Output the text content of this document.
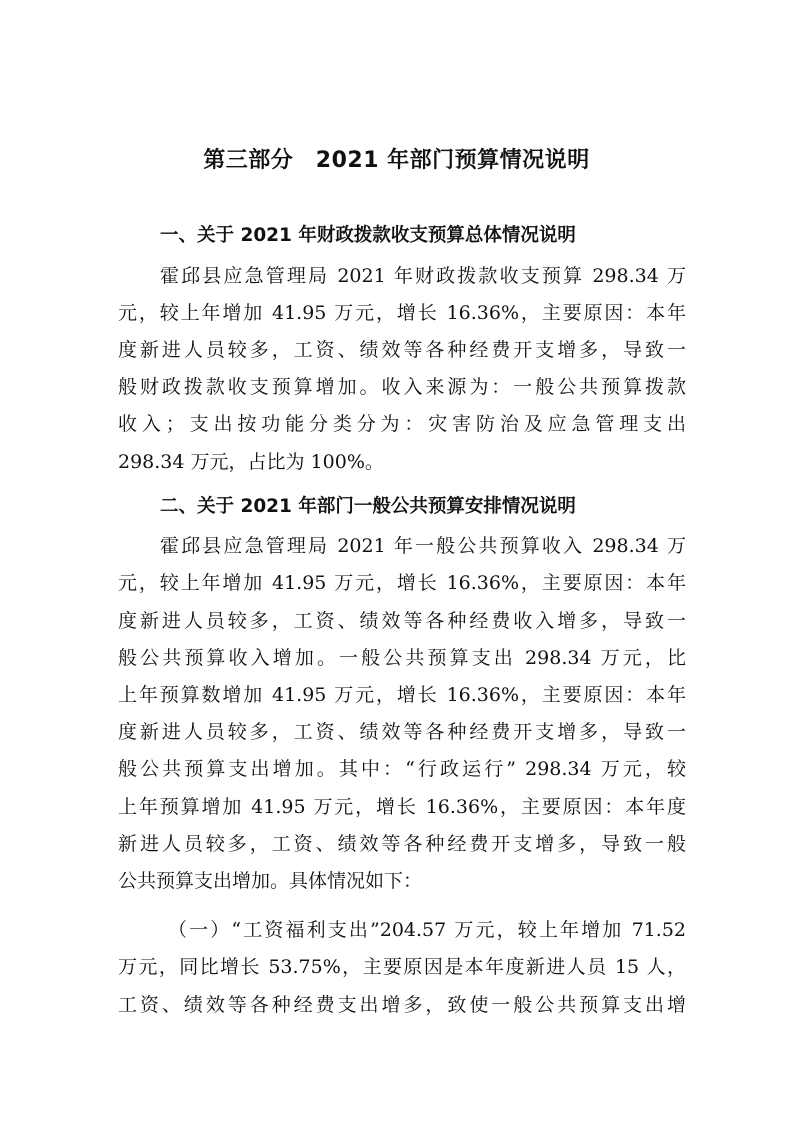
第三部分　2021 年部门预算情况说明
一、关于 2021 年财政拨款收支预算总体情况说明
霍邱县应急管理局 2021 年财政拨款收支预算 298.34 万
元，较上年增加 41.95 万元，增长 16.36%，主要原因：本年
度新进人员较多，工资、绩效等各种经费开支增多，导致一
般财政拨款收支预算增加。收入来源为：一般公共预算拨款
收入；支出按功能分类分为：灾害防治及应急管理支出
298.34 万元，占比为 100%。
二、关于 2021 年部门一般公共预算安排情况说明
霍邱县应急管理局 2021 年一般公共预算收入 298.34 万
元，较上年增加 41.95 万元，增长 16.36%，主要原因：本年
度新进人员较多，工资、绩效等各种经费收入增多，导致一
般公共预算收入增加。一般公共预算支出 298.34 万元，比
上年预算数增加 41.95 万元，增长 16.36%，主要原因：本年
度新进人员较多，工资、绩效等各种经费开支增多，导致一
般公共预算支出增加。其中：“行政运行” 298.34 万元，较
上年预算增加 41.95 万元，增长 16.36%，主要原因：本年度
新进人员较多，工资、绩效等各种经费开支增多，导致一般
公共预算支出增加。具体情况如下：
（一）“工资福利支出”204.57 万元，较上年增加 71.52
万元，同比增长 53.75%，主要原因是本年度新进人员 15 人，
工资、绩效等各种经费支出增多，致使一般公共预算支出增
